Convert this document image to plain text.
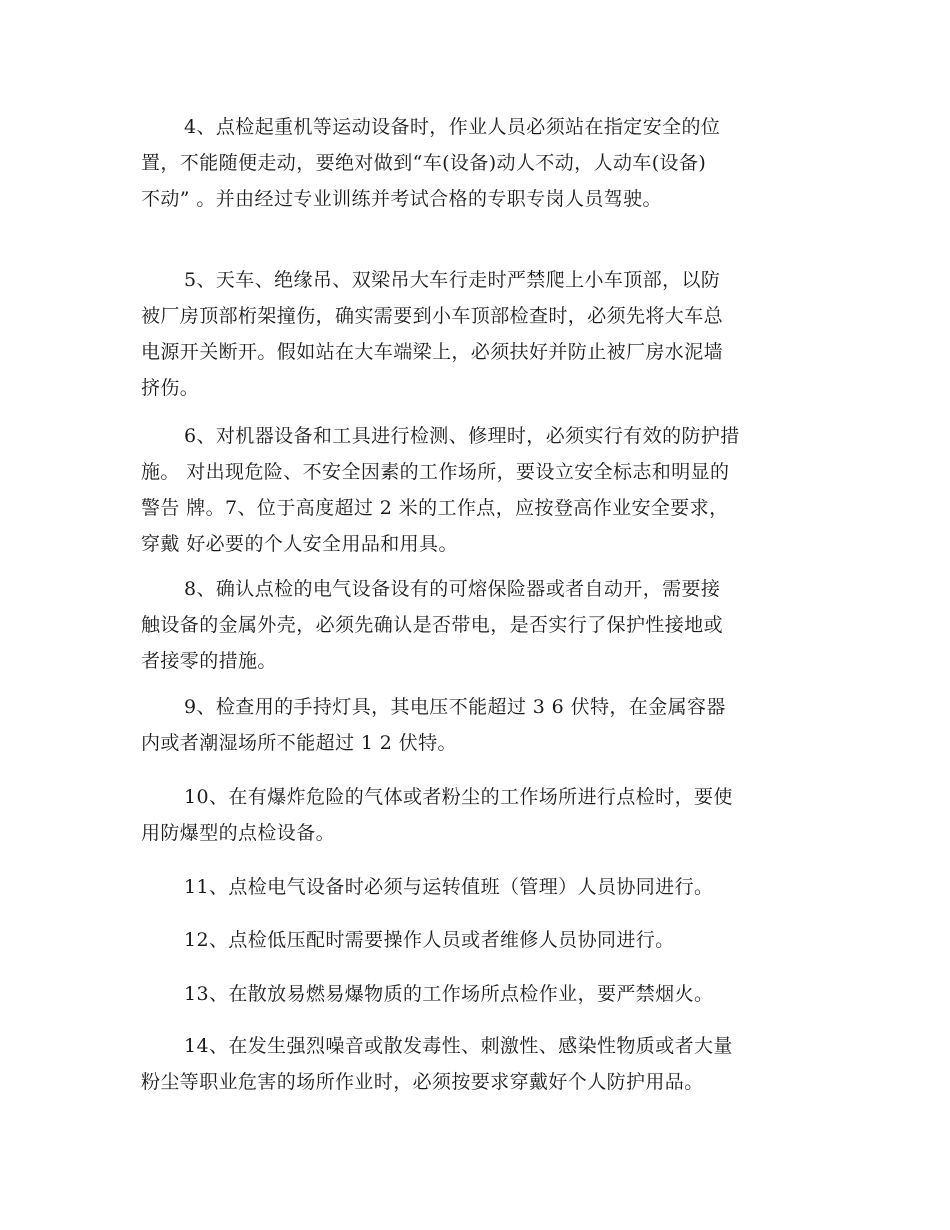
4、点检起重机等运动设备时，作业人员必须站在指定安全的位
置，不能随便走动，要绝对做到“车(设备)动人不动，人动车(设备)
不动” 。并由经过专业训练并考试合格的专职专岗人员驾驶。
5、天车、绝缘吊、双梁吊大车行走时严禁爬上小车顶部，以防
被厂房顶部桁架撞伤，确实需要到小车顶部检查时，必须先将大车总
电源开关断开。假如站在大车端梁上，必须扶好并防止被厂房水泥墙
挤伤。
6、对机器设备和工具进行检测、修理时，必须实行有效的防护措
施。 对出现危险、不安全因素的工作场所，要设立安全标志和明显的
警告 牌。7、位于高度超过 2 米的工作点，应按登高作业安全要求，
穿戴 好必要的个人安全用品和用具。
8、确认点检的电气设备设有的可熔保险器或者自动开，需要接
触设备的金属外壳，必须先确认是否带电，是否实行了保护性接地或
者接零的措施。
9、检查用的手持灯具，其电压不能超过 3 6 伏特，在金属容器
内或者潮湿场所不能超过 1 2 伏特。
10、在有爆炸危险的气体或者粉尘的工作场所进行点检时，要使
用防爆型的点检设备。
11、点检电气设备时必须与运转值班（管理）人员协同进行。
12、点检低压配时需要操作人员或者维修人员协同进行。
13、在散放易燃易爆物质的工作场所点检作业，要严禁烟火。
14、在发生强烈噪音或散发毒性、刺激性、感染性物质或者大量
粉尘等职业危害的场所作业时，必须按要求穿戴好个人防护用品。
